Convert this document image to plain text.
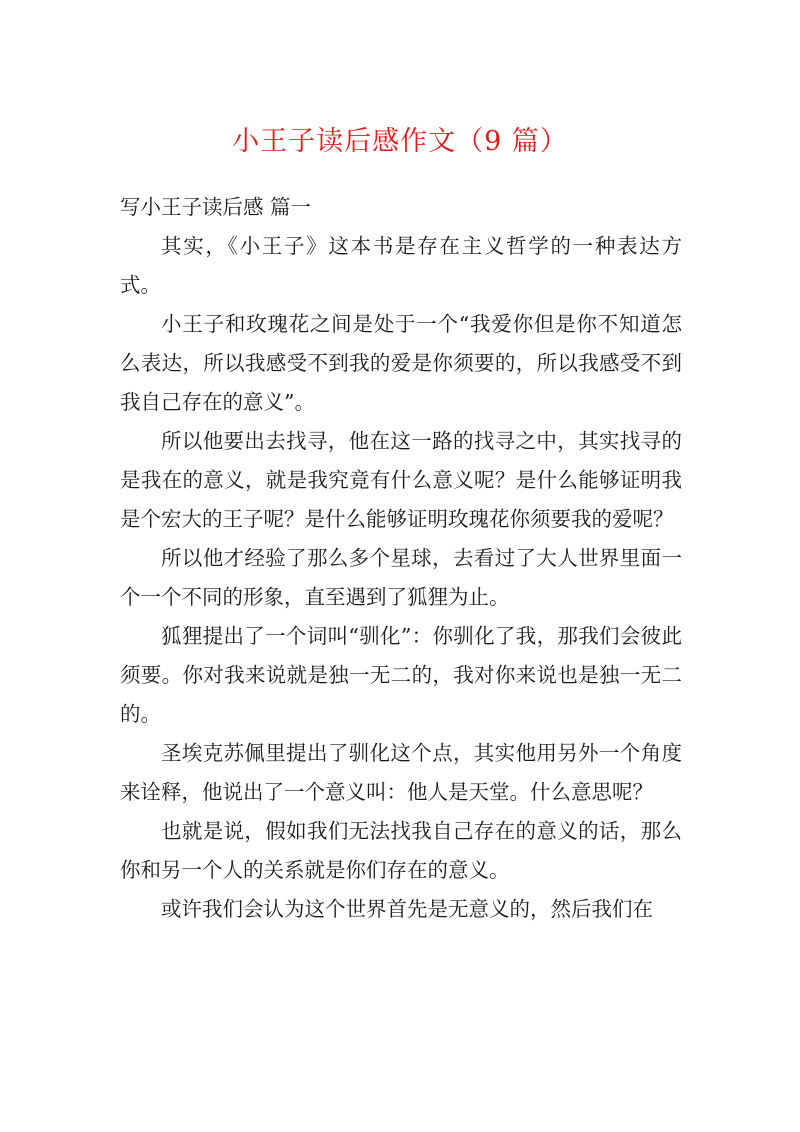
小王子读后感作文（9 篇）

写小王子读后感 篇一

其实，《小王子》这本书是存在主义哲学的一种表达方式。

小王子和玫瑰花之间是处于一个“我爱你但是你不知道怎么表达，所以我感受不到我的爱是你须要的，所以我感受不到我自己存在的意义”。

所以他要出去找寻，他在这一路的找寻之中，其实找寻的是我在的意义，就是我究竟有什么意义呢？是什么能够证明我是个宏大的王子呢？是什么能够证明玫瑰花你须要我的爱呢？

所以他才经验了那么多个星球，去看过了大人世界里面一个一个不同的形象，直至遇到了狐狸为止。

狐狸提出了一个词叫“驯化”：你驯化了我，那我们会彼此须要。你对我来说就是独一无二的，我对你来说也是独一无二的。

圣埃克苏佩里提出了驯化这个点，其实他用另外一个角度来诠释，他说出了一个意义叫：他人是天堂。什么意思呢？

也就是说，假如我们无法找我自己存在的意义的话，那么你和另一个人的关系就是你们存在的意义。

或许我们会认为这个世界首先是无意义的，然后我们在
